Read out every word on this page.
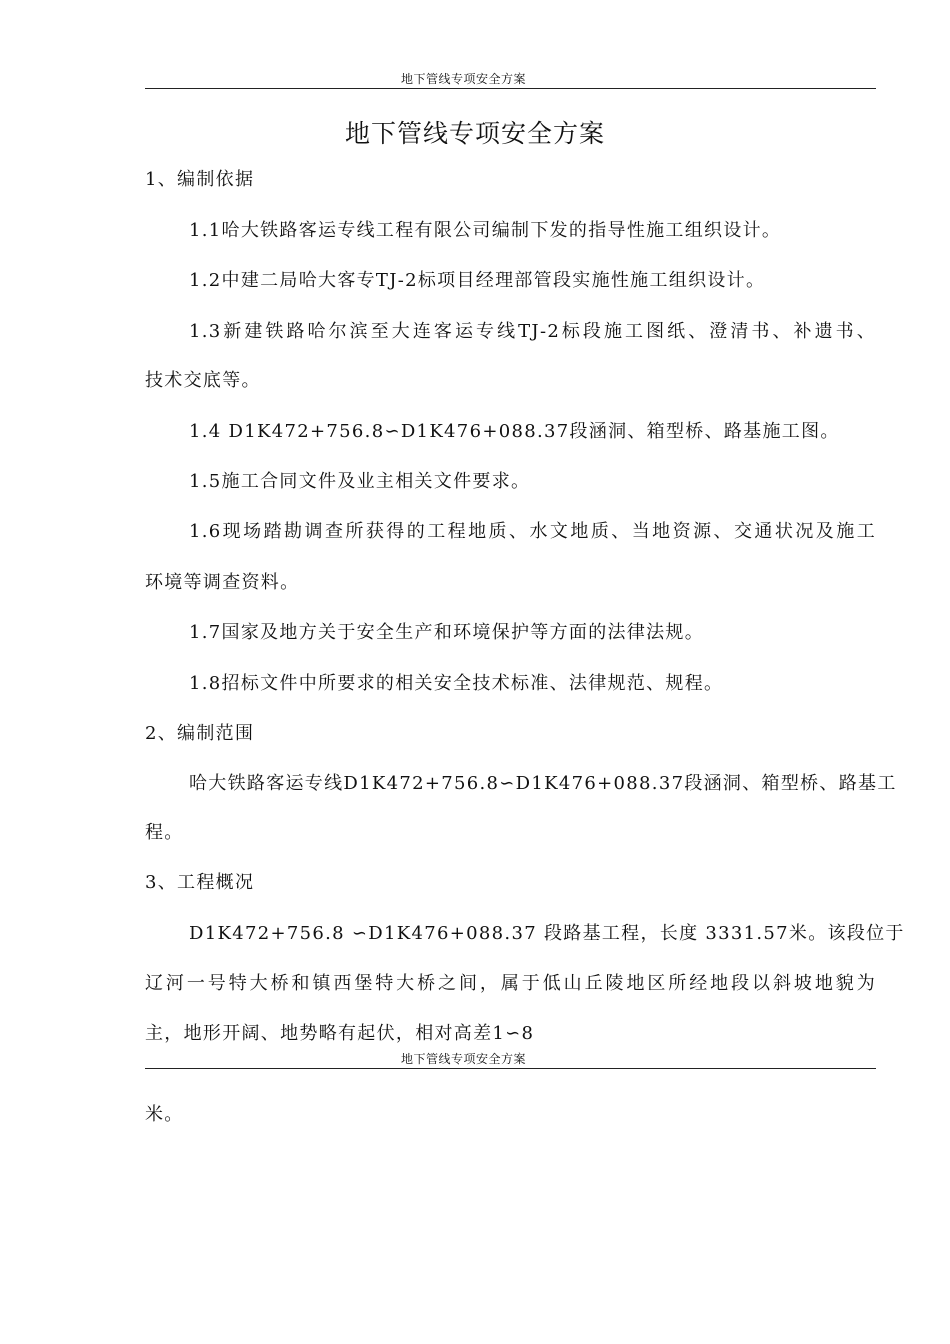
地下管线专项安全方案
地下管线专项安全方案
1、编制依据
1.1哈大铁路客运专线工程有限公司编制下发的指导性施工组织设计。
1.2中建二局哈大客专TJ-2标项目经理部管段实施性施工组织设计。
1.3新建铁路哈尔滨至大连客运专线TJ-2标段施工图纸、澄清书、补遗书、
技术交底等。
1.4 D1K472+756.8∽D1K476+088.37段涵洞、箱型桥、路基施工图。
1.5施工合同文件及业主相关文件要求。
1.6现场踏勘调查所获得的工程地质、水文地质、当地资源、交通状况及施工
环境等调查资料。
1.7国家及地方关于安全生产和环境保护等方面的法律法规。
1.8招标文件中所要求的相关安全技术标准、法律规范、规程。
2、编制范围
哈大铁路客运专线D1K472+756.8∽D1K476+088.37段涵洞、箱型桥、路基工
程。
3、工程概况
D1K472+756.8 ∽D1K476+088.37 段路基工程，长度 3331.57米。该段位于
辽河一号特大桥和镇西堡特大桥之间，属于低山丘陵地区所经地段以斜坡地貌为
主，地形开阔、地势略有起伏，相对高差1∽8
地下管线专项安全方案
米。
